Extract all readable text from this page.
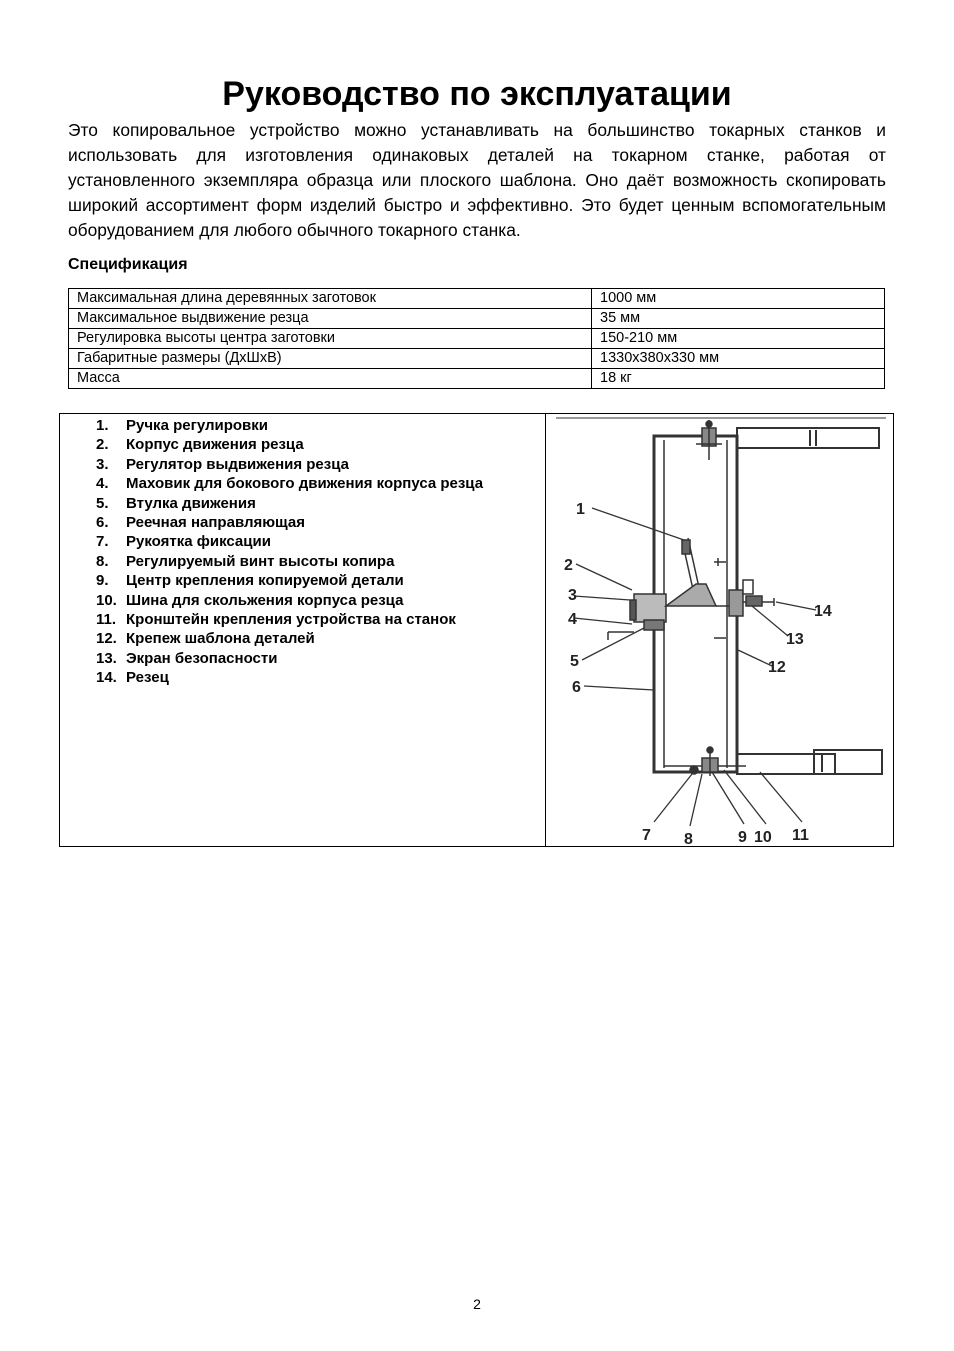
Руководство по эксплуатации

Это копировальное устройство можно устанавливать на большинство токарных станков и использовать для изготовления одинаковых деталей на токарном станке, работая от установленного экземпляра образца или плоского шаблона. Оно даёт возможность скопировать широкий ассортимент форм изделий быстро и эффективно. Это будет ценным вспомогательным оборудованием для любого обычного токарного станка.

Спецификация

Максимальная длина деревянных заготовок	1000 мм
Максимальное выдвижение резца	35 мм
Регулировка высоты центра заготовки	150-210 мм
Габаритные размеры (ДхШхВ)	1330х380х330 мм
Масса	18 кг
1. Ручка регулировки
2. Корпус движения резца
3. Регулятор выдвижения резца
4. Маховик для бокового движения корпуса резца
5. Втулка движения
6. Реечная направляющая
7. Рукоятка фиксации
8. Регулируемый винт высоты копира
9. Центр крепления копируемой детали
10. Шина для скольжения корпуса резца
11. Кронштейн крепления устройства на станок
12. Крепеж шаблона деталей
13. Экран безопасности
14. Резец
1
2
3
4
5
6
7 8	9 10 11
12
13
14

2
